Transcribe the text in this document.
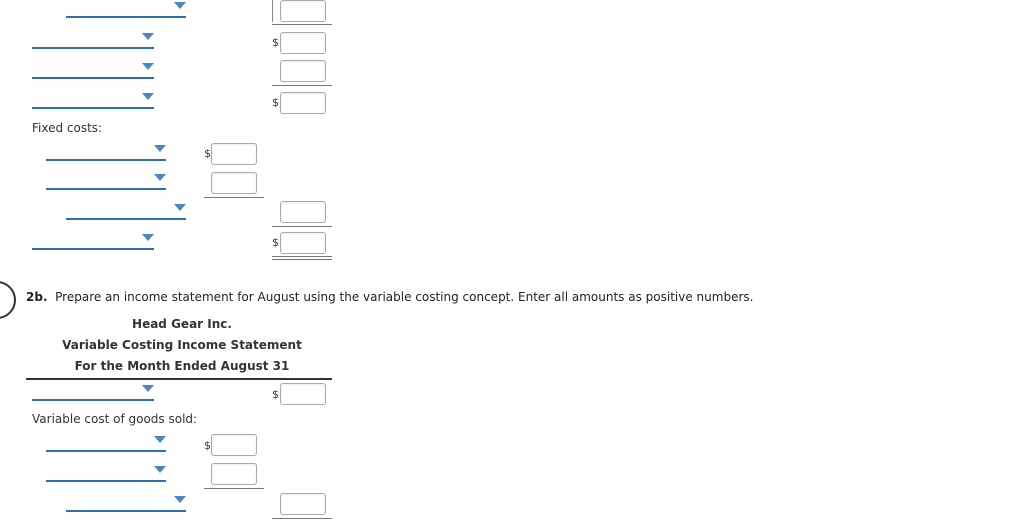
$
$
Fixed costs:
$
$
2b. Prepare an income statement for August using the variable costing concept. Enter all amounts as positive numbers.
Head Gear Inc.
Variable Costing Income Statement
For the Month Ended August 31
$
Variable cost of goods sold:
$
